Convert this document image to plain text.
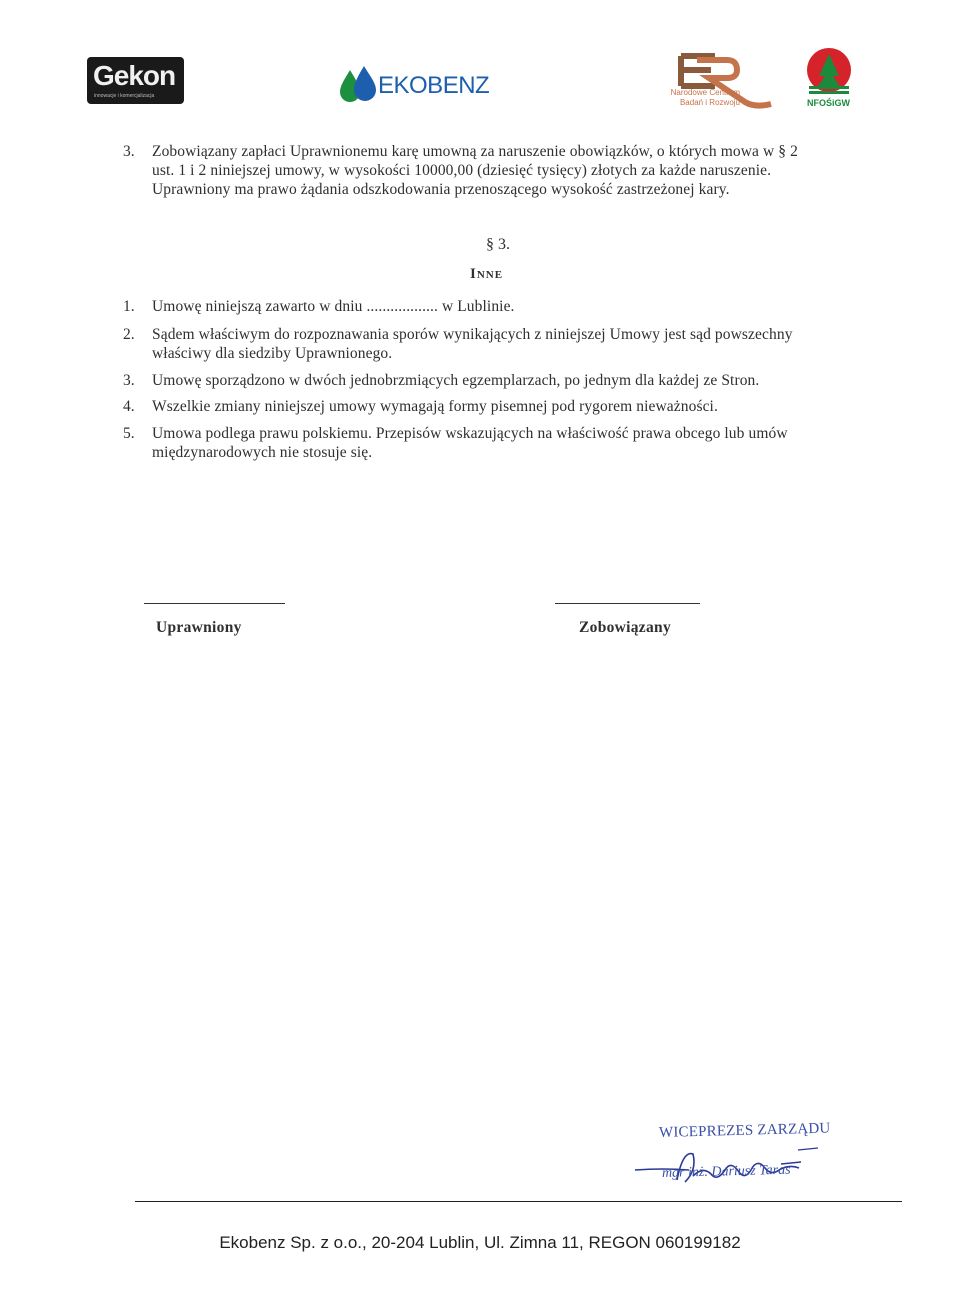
Gekon
innowacje i komercjalizacja	EKOBENZ	Narodowe Centrum
Badań i Rozwoju	NFOŚiGW
3. Zobowiązany zapłaci Uprawnionemu karę umowną za naruszenie obowiązków, o których mowa w § 2
ust. 1 i 2 niniejszej umowy, w wysokości 10000,00 (dziesięć tysięcy) złotych za każde naruszenie.
Uprawniony ma prawo żądania odszkodowania przenoszącego wysokość zastrzeżonej kary.
§ 3.
Inne
1. Umowę niniejszą zawarto w dniu .................. w Lublinie.
2. Sądem właściwym do rozpoznawania sporów wynikających z niniejszej Umowy jest sąd powszechny
właściwy dla siedziby Uprawnionego.
3. Umowę sporządzono w dwóch jednobrzmiących egzemplarzach, po jednym dla każdej ze Stron.
4. Wszelkie zmiany niniejszej umowy wymagają formy pisemnej pod rygorem nieważności.
5. Umowa podlega prawu polskiemu. Przepisów wskazujących na właściwość prawa obcego lub umów
międzynarodowych nie stosuje się.
Uprawniony	Zobowiązany
WICEPREZES ZARZĄDU
mgr inż. Dariusz Taras
Ekobenz Sp. z o.o., 20-204 Lublin, Ul. Zimna 11, REGON 060199182
